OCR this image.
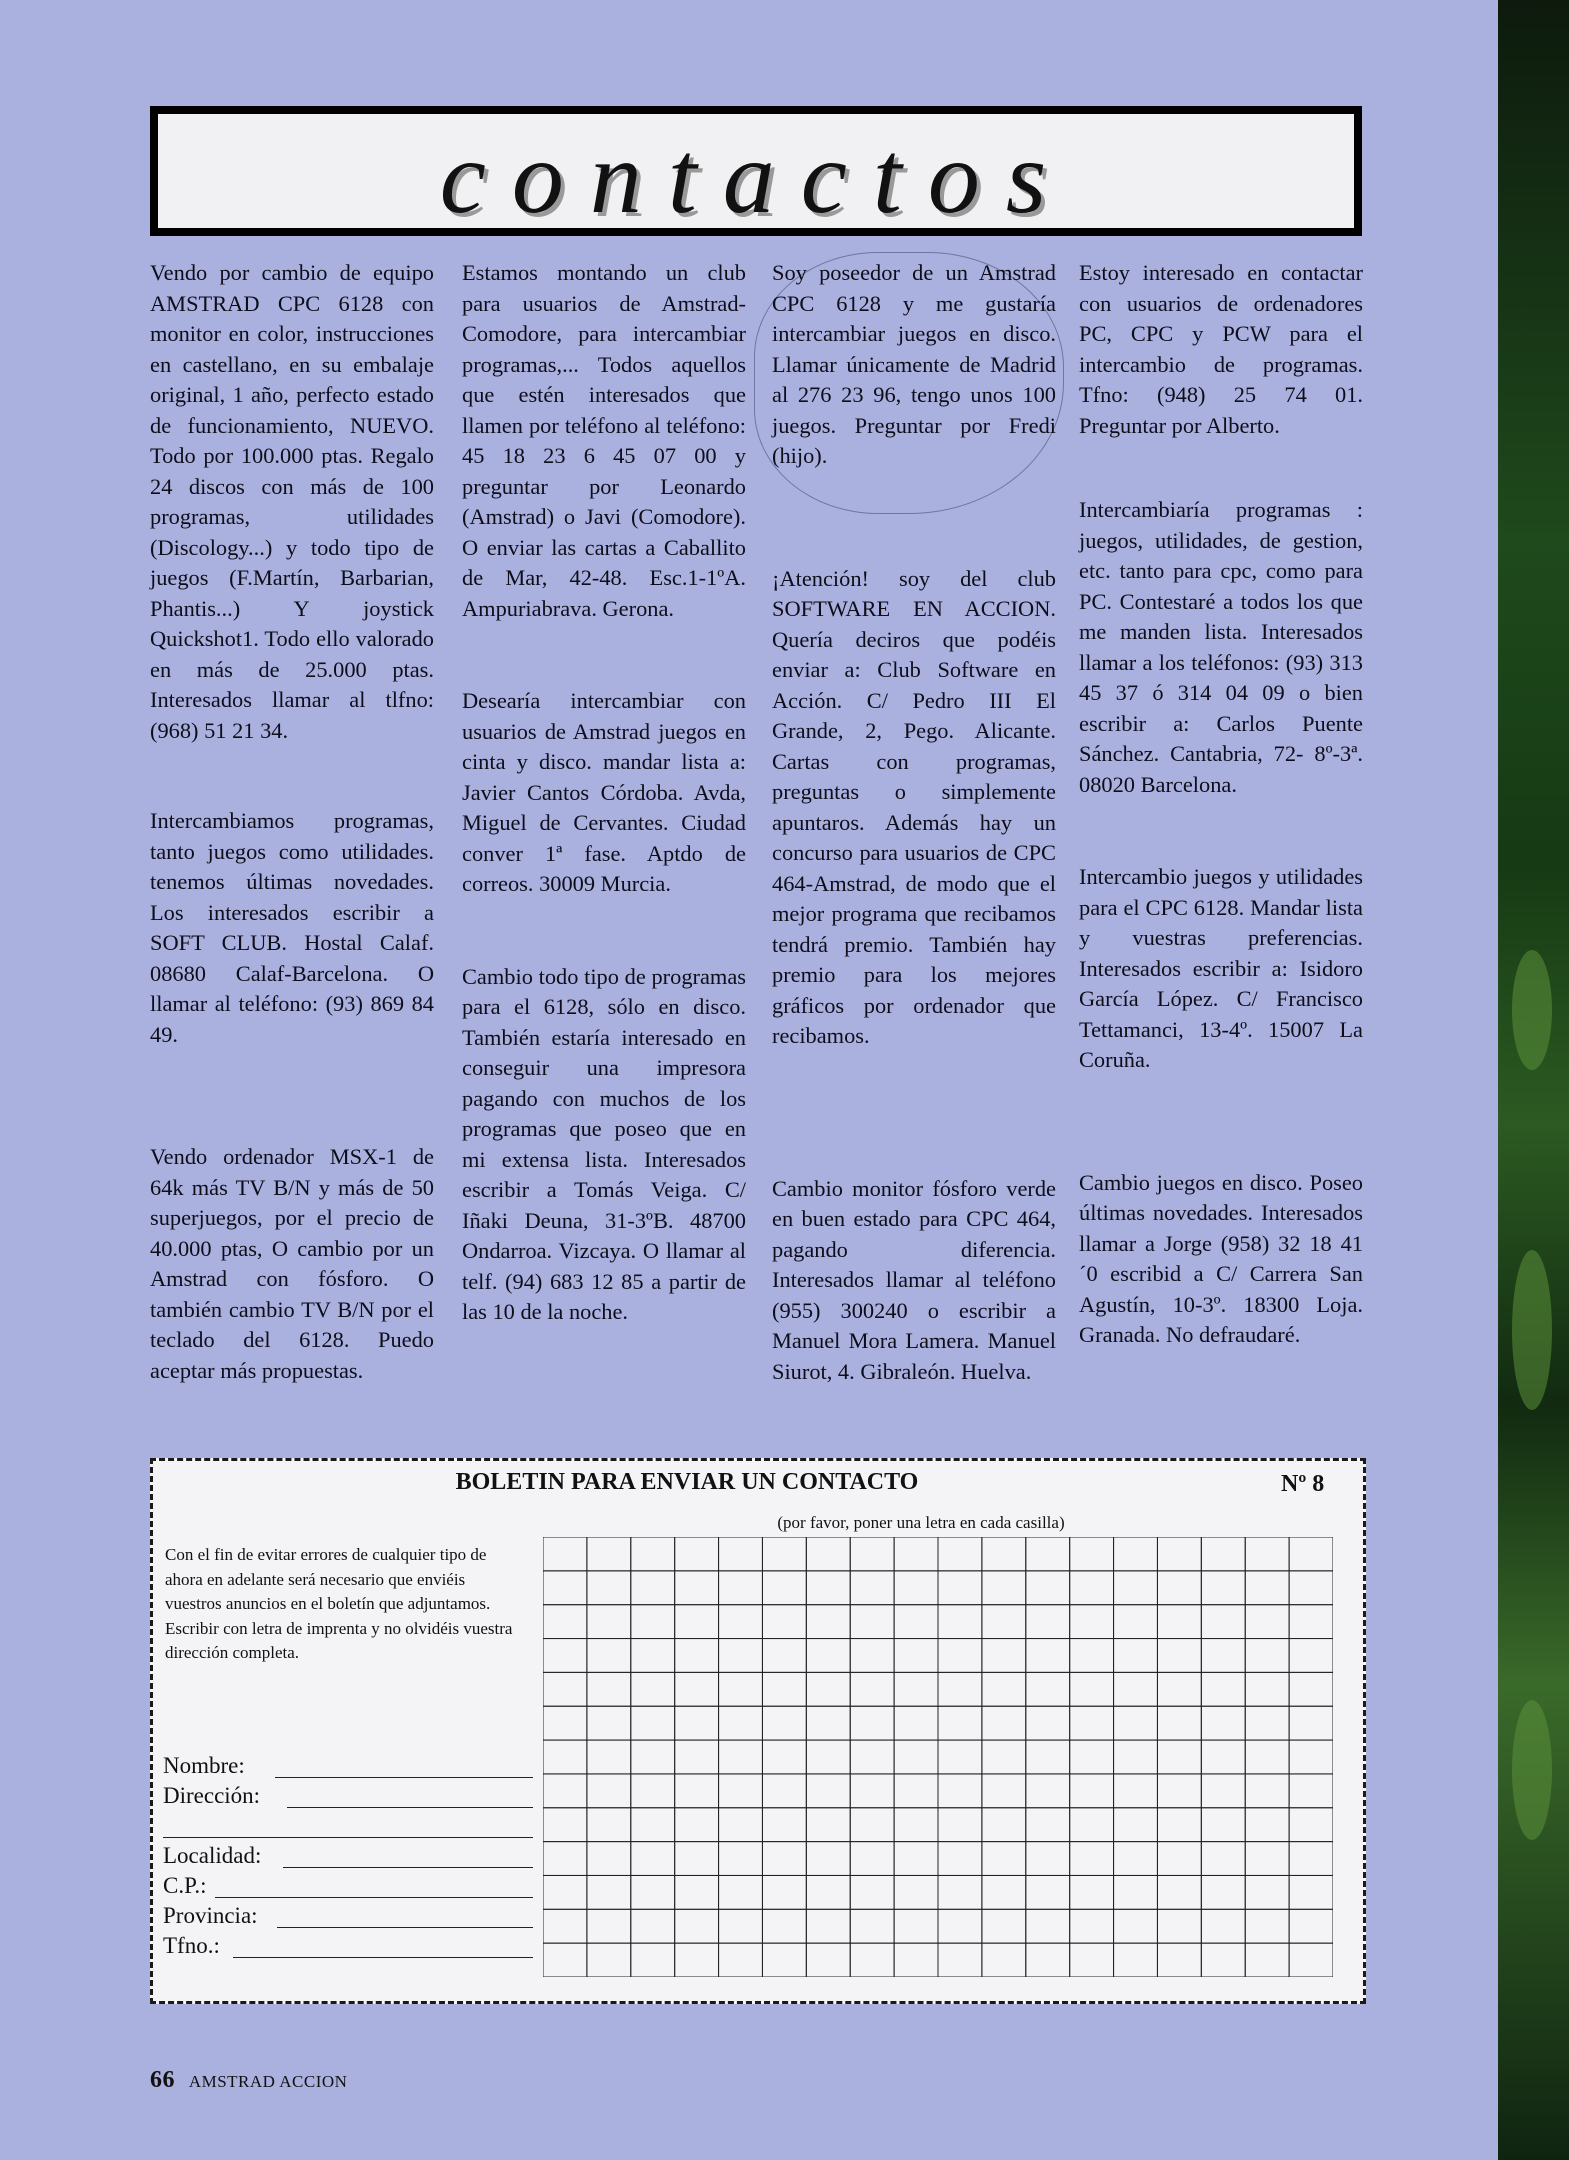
contactos

Vendo por cambio de equipo AMSTRAD CPC 6128 con monitor en color, instrucciones en castellano, en su embalaje original, 1 año, perfecto estado de funcionamiento, NUEVO. Todo por 100.000 ptas. Regalo 24 discos con más de 100 programas, utilidades (Discology...) y todo tipo de juegos (F.Martín, Barbarian, Phantis...) Y joystick Quickshot1. Todo ello valorado en más de 25.000 ptas. Interesados llamar al tlfno: (968) 51 21 34.

Intercambiamos programas, tanto juegos como utilidades. tenemos últimas novedades. Los interesados escribir a SOFT CLUB. Hostal Calaf. 08680 Calaf-Barcelona. O llamar al teléfono: (93) 869 84 49.

Vendo ordenador MSX-1 de 64k más TV B/N y más de 50 superjuegos, por el precio de 40.000 ptas, O cambio por un Amstrad con fósforo. O también cambio TV B/N por el teclado del 6128. Puedo aceptar más propuestas.

Estamos montando un club para usuarios de Amstrad-Comodore, para intercambiar programas,... Todos aquellos que estén interesados que llamen por teléfono al teléfono: 45 18 23 6 45 07 00 y preguntar por Leonardo (Amstrad) o Javi (Comodore). O enviar las cartas a Caballito de Mar, 42-48. Esc.1-1ºA. Ampuriabrava. Gerona.

Desearía intercambiar con usuarios de Amstrad juegos en cinta y disco. mandar lista a: Javier Cantos Córdoba. Avda, Miguel de Cervantes. Ciudad conver 1ª fase. Aptdo de correos. 30009 Murcia.

Cambio todo tipo de programas para el 6128, sólo en disco. También estaría interesado en conseguir una impresora pagando con muchos de los programas que poseo que en mi extensa lista. Interesados escribir a Tomás Veiga. C/ Iñaki Deuna, 31-3ºB. 48700 Ondarroa. Vizcaya. O llamar al telf. (94) 683 12 85 a partir de las 10 de la noche.

Soy poseedor de un Amstrad CPC 6128 y me gustaría intercambiar juegos en disco. Llamar únicamente de Madrid al 276 23 96, tengo unos 100 juegos. Preguntar por Fredi (hijo).

¡Atención! soy del club SOFTWARE EN ACCION. Quería deciros que podéis enviar a: Club Software en Acción. C/ Pedro III El Grande, 2, Pego. Alicante. Cartas con programas, preguntas o simplemente apuntaros. Además hay un concurso para usuarios de CPC 464-Amstrad, de modo que el mejor programa que recibamos tendrá premio. También hay premio para los mejores gráficos por ordenador que recibamos.

Cambio monitor fósforo verde en buen estado para CPC 464, pagando diferencia. Interesados llamar al teléfono (955) 300240 o escribir a Manuel Mora Lamera. Manuel Siurot, 4. Gibraleón. Huelva.

Estoy interesado en contactar con usuarios de ordenadores PC, CPC y PCW para el intercambio de programas. Tfno: (948) 25 74 01. Preguntar por Alberto.

Intercambiaría programas : juegos, utilidades, de gestion, etc. tanto para cpc, como para PC. Contestaré a todos los que me manden lista. Interesados llamar a los teléfonos: (93) 313 45 37 ó 314 04 09 o bien escribir a: Carlos Puente Sánchez. Cantabria, 72- 8º-3ª. 08020 Barcelona.

Intercambio juegos y utilidades para el CPC 6128. Mandar lista y vuestras preferencias. Interesados escribir a: Isidoro García López. C/ Francisco Tettamanci, 13-4º. 15007 La Coruña.

Cambio juegos en disco. Poseo últimas novedades. Interesados llamar a Jorge (958) 32 18 41 ´0 escribid a C/ Carrera San Agustín, 10-3º. 18300 Loja. Granada. No defraudaré.

BOLETIN PARA ENVIAR UN CONTACTO	Nº 8
(por favor, poner una letra en cada casilla)
Con el fin de evitar errores de cualquier tipo de ahora en adelante será necesario que enviéis vuestros anuncios en el boletín que adjuntamos. Escribir con letra de imprenta y no olvidéis vuestra dirección completa.
Nombre:
Dirección:
Localidad:
C.P.:
Provincia:
Tfno.:
66 AMSTRAD ACCION
